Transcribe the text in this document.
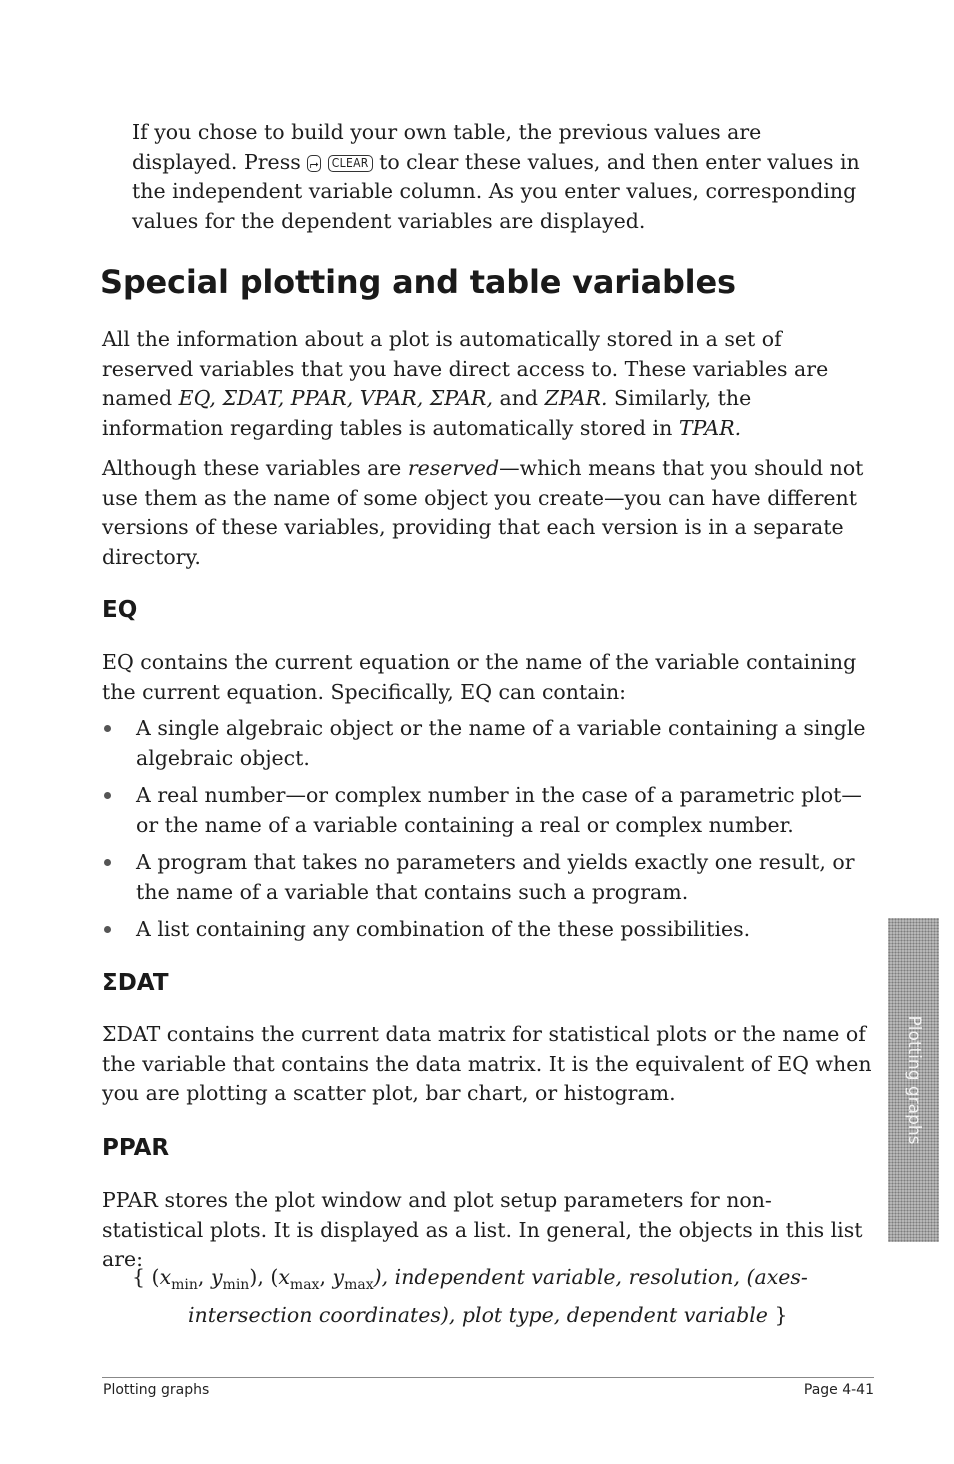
If you chose to build your own table, the previous values are displayed. Press ⮣ CLEAR to clear these values, and then enter values in the independent variable column. As you enter values, corresponding values for the dependent variables are displayed.

Special plotting and table variables

All the information about a plot is automatically stored in a set of reserved variables that you have direct access to. These variables are named EQ, ΣDAT, PPAR, VPAR, ΣPAR, and ZPAR. Similarly, the information regarding tables is automatically stored in TPAR.

Although these variables are reserved—which means that you should not use them as the name of some object you create—you can have different versions of these variables, providing that each version is in a separate directory.

EQ

EQ contains the current equation or the name of the variable containing the current equation. Specifically, EQ can contain:

A single algebraic object or the name of a variable containing a single algebraic object.
A real number—or complex number in the case of a parametric plot—or the name of a variable containing a real or complex number.
A program that takes no parameters and yields exactly one result, or the name of a variable that contains such a program.
A list containing any combination of the these possibilities.
ΣDAT

ΣDAT contains the current data matrix for statistical plots or the name of the variable that contains the data matrix. It is the equivalent of EQ when you are plotting a scatter plot, bar chart, or histogram.

PPAR

PPAR stores the plot window and plot setup parameters for non-statistical plots. It is displayed as a list. In general, the objects in this list are:

{ ($x_{min}$, $y_{min}$), ($x_{max}$, $y_{max}$), independent variable, resolution, (axes-
intersection coordinates), plot type, dependent variable }

Plotting graphs	Page 4-41
Plotting graphs
